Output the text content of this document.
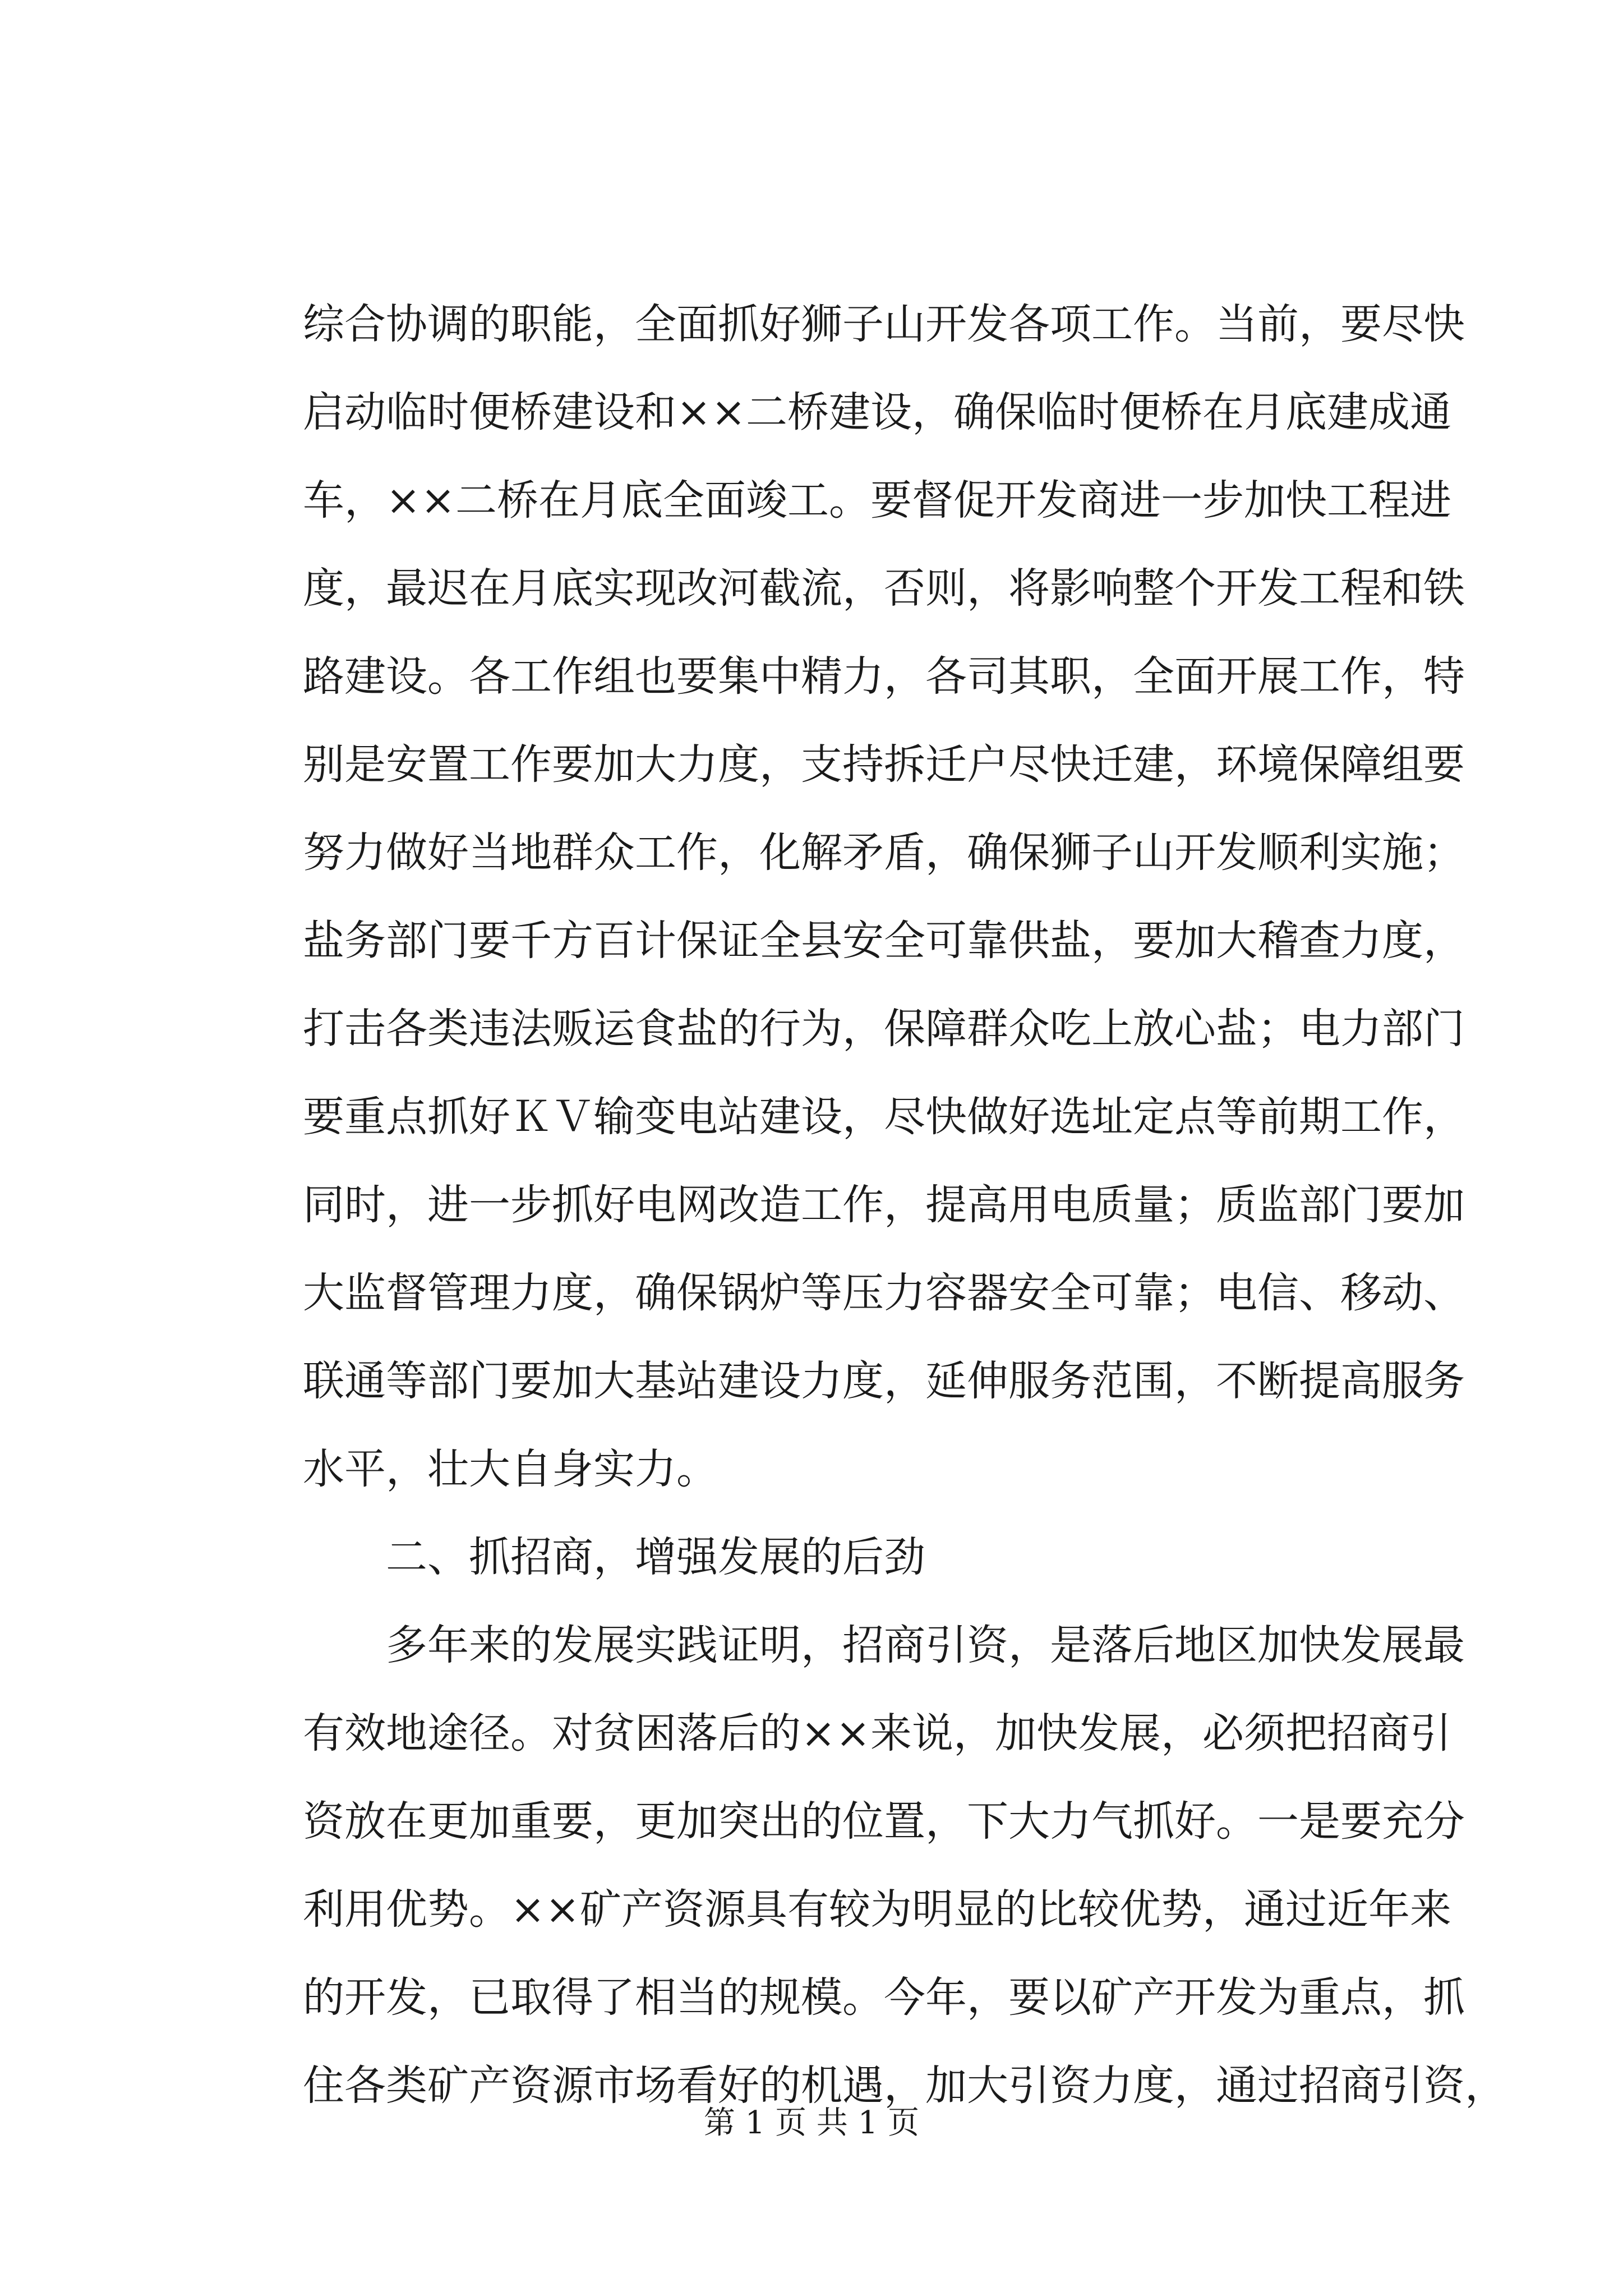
综合协调的职能，全面抓好狮子山开发各项工作。当前，要尽快
启动临时便桥建设和××二桥建设，确保临时便桥在月底建成通
车，××二桥在月底全面竣工。要督促开发商进一步加快工程进
度，最迟在月底实现改河截流，否则，将影响整个开发工程和铁
路建设。各工作组也要集中精力，各司其职，全面开展工作，特
别是安置工作要加大力度，支持拆迁户尽快迁建，环境保障组要
努力做好当地群众工作，化解矛盾，确保狮子山开发顺利实施；
盐务部门要千方百计保证全县安全可靠供盐，要加大稽查力度，
打击各类违法贩运食盐的行为，保障群众吃上放心盐；电力部门
要重点抓好ＫＶ输变电站建设，尽快做好选址定点等前期工作，
同时，进一步抓好电网改造工作，提高用电质量；质监部门要加
大监督管理力度，确保锅炉等压力容器安全可靠；电信、移动、
联通等部门要加大基站建设力度，延伸服务范围，不断提高服务
水平，壮大自身实力。
二、抓招商，增强发展的后劲
多年来的发展实践证明，招商引资，是落后地区加快发展最
有效地途径。对贫困落后的××来说，加快发展，必须把招商引
资放在更加重要，更加突出的位置，下大力气抓好。一是要充分
利用优势。××矿产资源具有较为明显的比较优势，通过近年来
的开发，已取得了相当的规模。今年，要以矿产开发为重点，抓
住各类矿产资源市场看好的机遇，加大引资力度，通过招商引资，
第 1 页 共 1 页
